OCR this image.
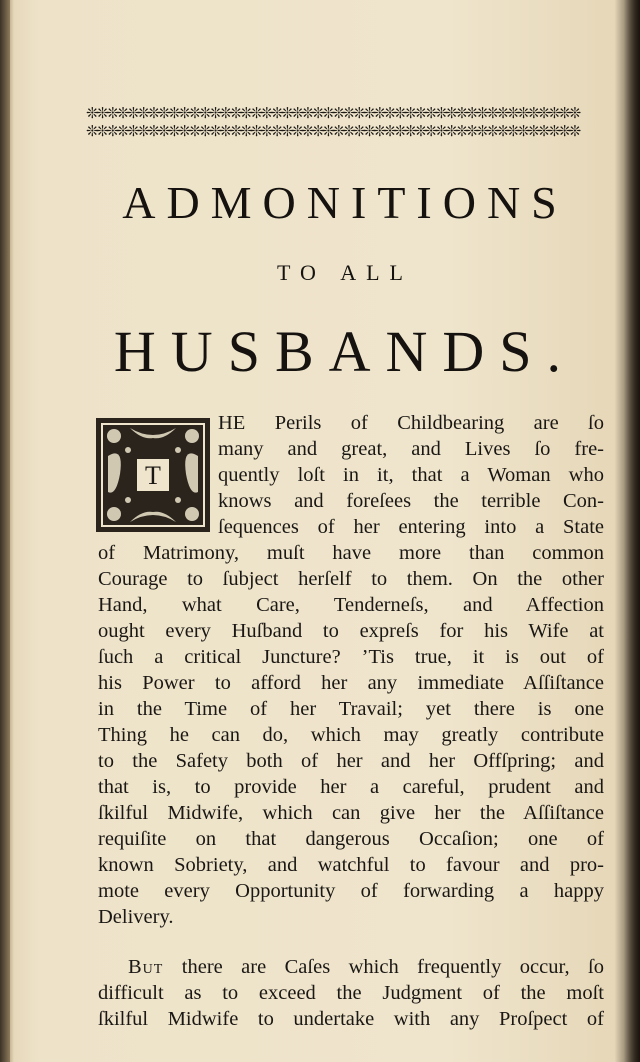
❊❊❊❊❊❊❊❊❊❊❊❊❊❊❊❊❊❊❊❊❊❊❊❊❊❊❊❊❊❊❊❊❊❊❊❊❊❊❊❊❊❊❊❊❊❊❊❊
❊❊❊❊❊❊❊❊❊❊❊❊❊❊❊❊❊❊❊❊❊❊❊❊❊❊❊❊❊❊❊❊❊❊❊❊❊❊❊❊❊❊❊❊❊❊❊❊
ADMONITIONS
TO ALL
HUSBANDS.
T
HE Perils of Childbearing are ſo
many and great, and Lives ſo fre-
quently loſt in it, that a Woman who
knows and foreſees the terrible Con-
ſequences of her entering into a State
of Matrimony, muſt have more than common
Courage to ſubject herſelf to them. On the other
Hand, what Care, Tenderneſs, and Affection
ought every Huſband to expreſs for his Wife at
ſuch a critical Juncture? ’Tis true, it is out of
his Power to afford her any immediate Aſſiſtance
in the Time of her Travail; yet there is one
Thing he can do, which may greatly contribute
to the Safety both of her and her Offſpring; and
that is, to provide her a careful, prudent and
ſkilful Midwife, which can give her the Aſſiſtance
requiſite on that dangerous Occaſion; one of
known Sobriety, and watchful to favour and pro-
mote every Opportunity of forwarding a happy
Delivery.
But there are Caſes which frequently occur, ſo
difficult as to exceed the Judgment of the moſt
ſkilful Midwife to undertake with any Proſpect of
